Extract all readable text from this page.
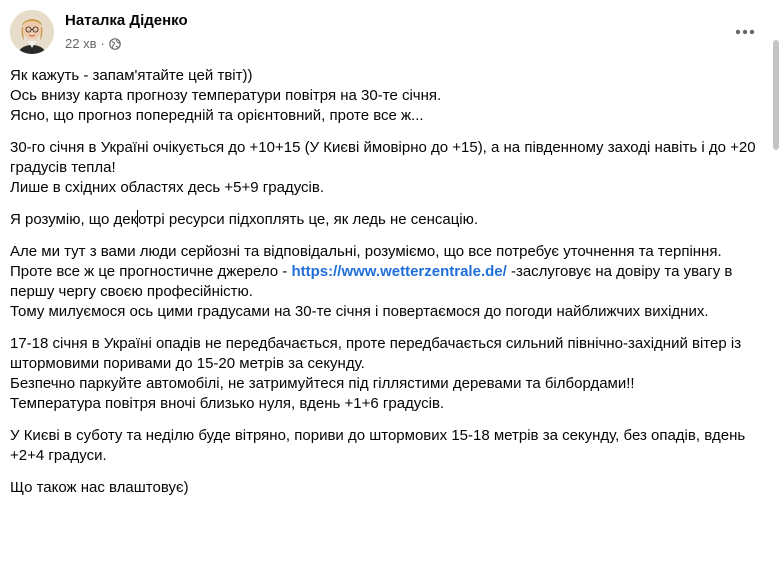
Наталка Діденко
22 хв ·

Як кажуть - запам'ятайте цей твіт))
Ось внизу карта прогнозу температури повітря на 30-те січня.
Ясно, що прогноз попередній та орієнтовний, проте все ж...

30-го січня в Україні очікується до +10+15 (У Києві ймовірно до +15), а на південному заході навіть і до +20 градусів тепла!
Лише в східних областях десь +5+9 градусів.

Я розумію, що декотрі ресурси підхоплять це, як ледь не сенсацію.

Але ми тут з вами люди серйозні та відповідальні, розуміємо, що все потребує уточнення та терпіння.
Проте все ж це прогностичне джерело - https://www.wetterzentrale.de/ -заслуговує на довіру та увагу в першу чергу своєю професійністю.
Тому милуємося ось цими градусами на 30-те січня і повертаємося до погоди найближчих вихідних.

17-18 січня в Україні опадів не передбачається, проте передбачається сильний північно-західний вітер із штормовими поривами до 15-20 метрів за секунду.
Безпечно паркуйте автомобілі, не затримуйтеся під гіллястими деревами та білбордами!!
Температура повітря вночі близько нуля, вдень +1+6 градусів.

У Києві в суботу та неділю буде вітряно, пориви до штормових 15-18 метрів за секунду, без опадів, вдень +2+4 градуси.

Що також нас влаштовує)
